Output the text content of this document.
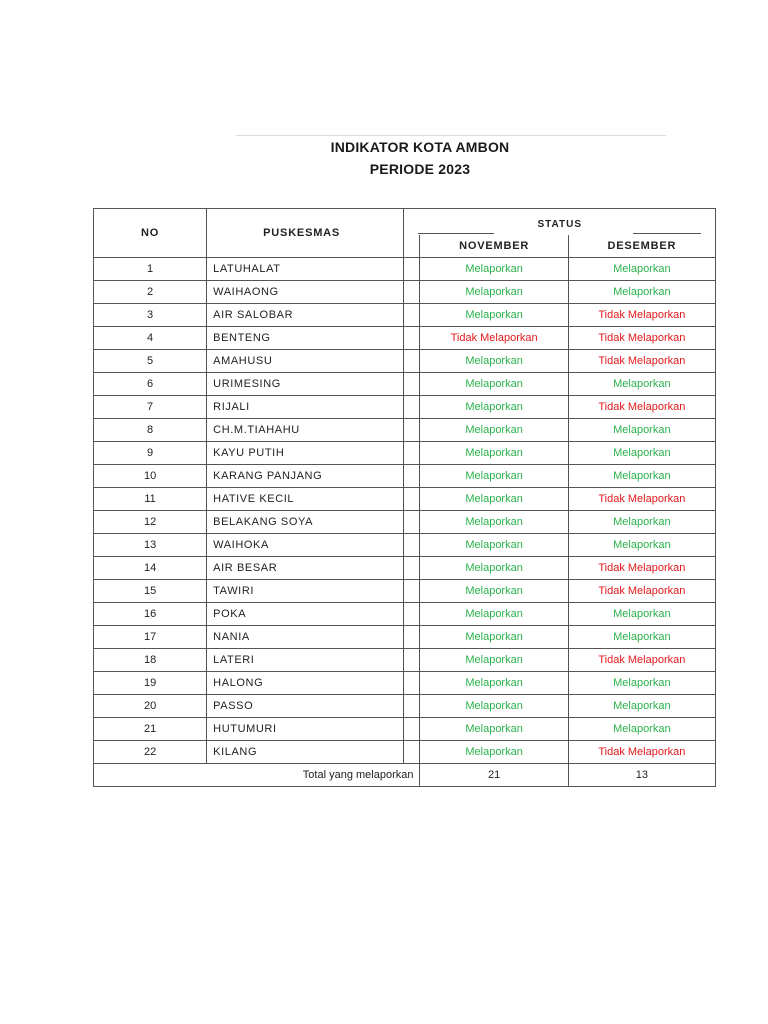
INDIKATOR KOTA AMBON
PERIODE 2023
NO	PUSKESMAS	STATUS		

			NOVEMBER	DESEMBER
1	LATUHALAT		Melaporkan	Melaporkan
2	WAIHAONG		Melaporkan	Melaporkan
3	AIR SALOBAR		Melaporkan	Tidak Melaporkan
4	BENTENG		Tidak Melaporkan	Tidak Melaporkan
5	AMAHUSU		Melaporkan	Tidak Melaporkan
6	URIMESING		Melaporkan	Melaporkan
7	RIJALI		Melaporkan	Tidak Melaporkan
8	CH.M.TIAHAHU		Melaporkan	Melaporkan
9	KAYU PUTIH		Melaporkan	Melaporkan
10	KARANG PANJANG		Melaporkan	Melaporkan
11	HATIVE KECIL		Melaporkan	Tidak Melaporkan
12	BELAKANG SOYA		Melaporkan	Melaporkan
13	WAIHOKA		Melaporkan	Melaporkan
14	AIR BESAR		Melaporkan	Tidak Melaporkan
15	TAWIRI		Melaporkan	Tidak Melaporkan
16	POKA		Melaporkan	Melaporkan
17	NANIA		Melaporkan	Melaporkan
18	LATERI		Melaporkan	Tidak Melaporkan
19	HALONG		Melaporkan	Melaporkan
20	PASSO		Melaporkan	Melaporkan
21	HUTUMURI		Melaporkan	Melaporkan
22	KILANG		Melaporkan	Tidak Melaporkan
Total yang melaporkan			21	13
